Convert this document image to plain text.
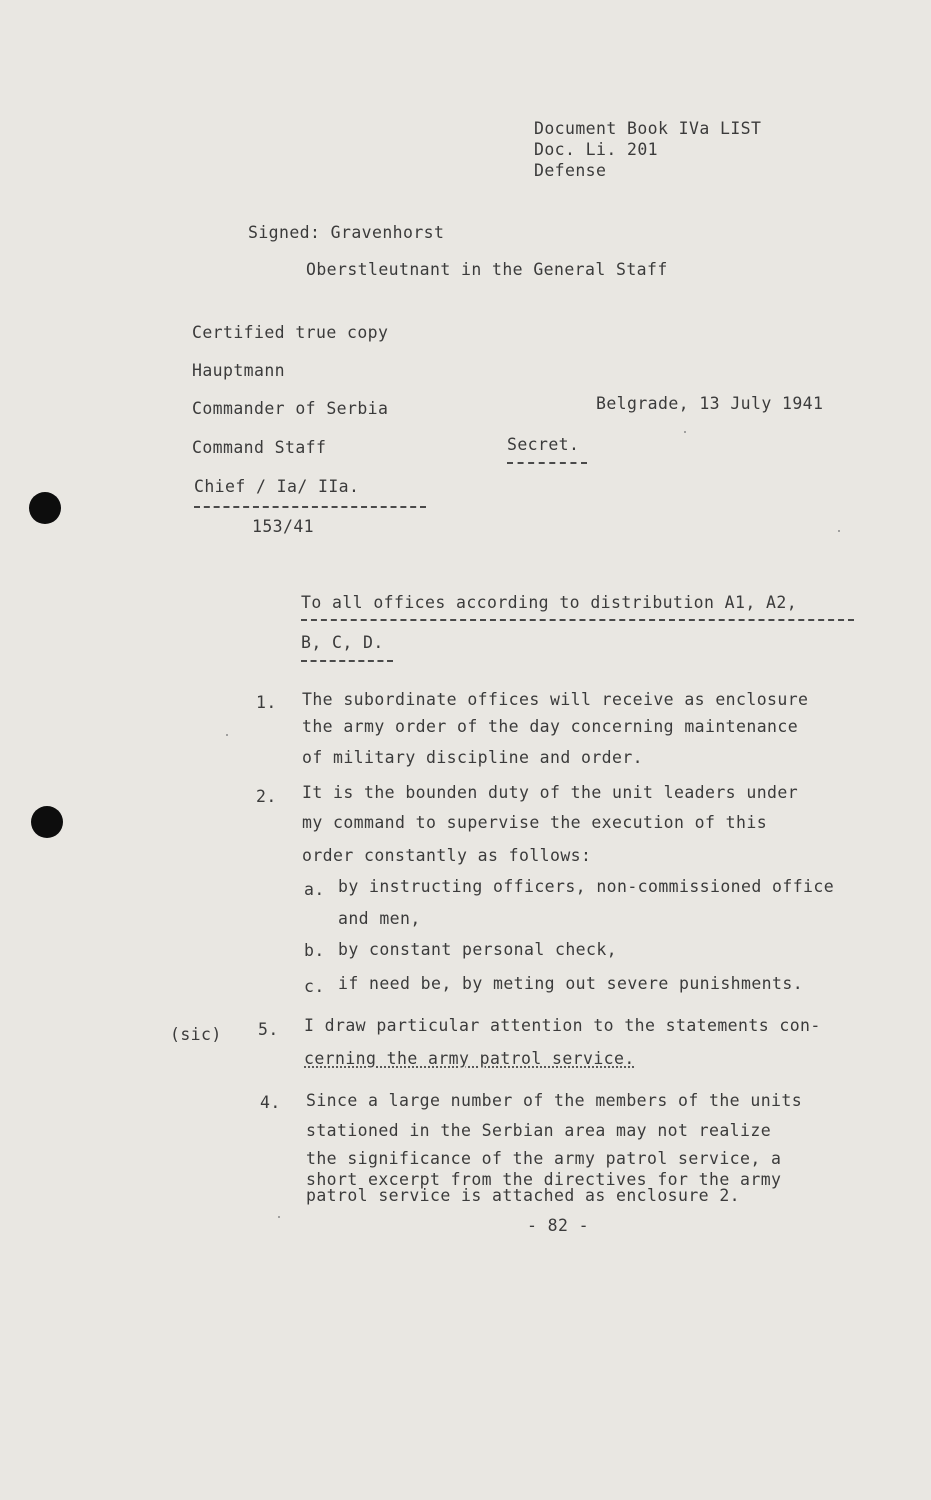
Document Book IVa LIST
Doc. Li. 201
Defense
Signed: Gravenhorst
Oberstleutnant in the General Staff
Certified true copy
Hauptmann
Commander of Serbia	Belgrade, 13 July 1941
Command Staff	Secret.
Chief / Ia/ IIa.
153/41
To all offices according to distribution A1, A2,
B, C, D.
1. The subordinate offices will receive as enclosure
the army order of the day concerning maintenance
of military discipline and order.
2. It is the bounden duty of the unit leaders under
my command to supervise the execution of this
order constantly as follows:
a. by instructing officers, non-commissioned office
and men,
b. by constant personal check,
c. if need be, by meting out severe punishments.
(sic) 5. I draw particular attention to the statements con-
cerning the army patrol service.
4. Since a large number of the members of the units
stationed in the Serbian area may not realize
the significance of the army patrol service, a
short excerpt from the directives for the army
patrol service is attached as enclosure 2.
- 82 -
